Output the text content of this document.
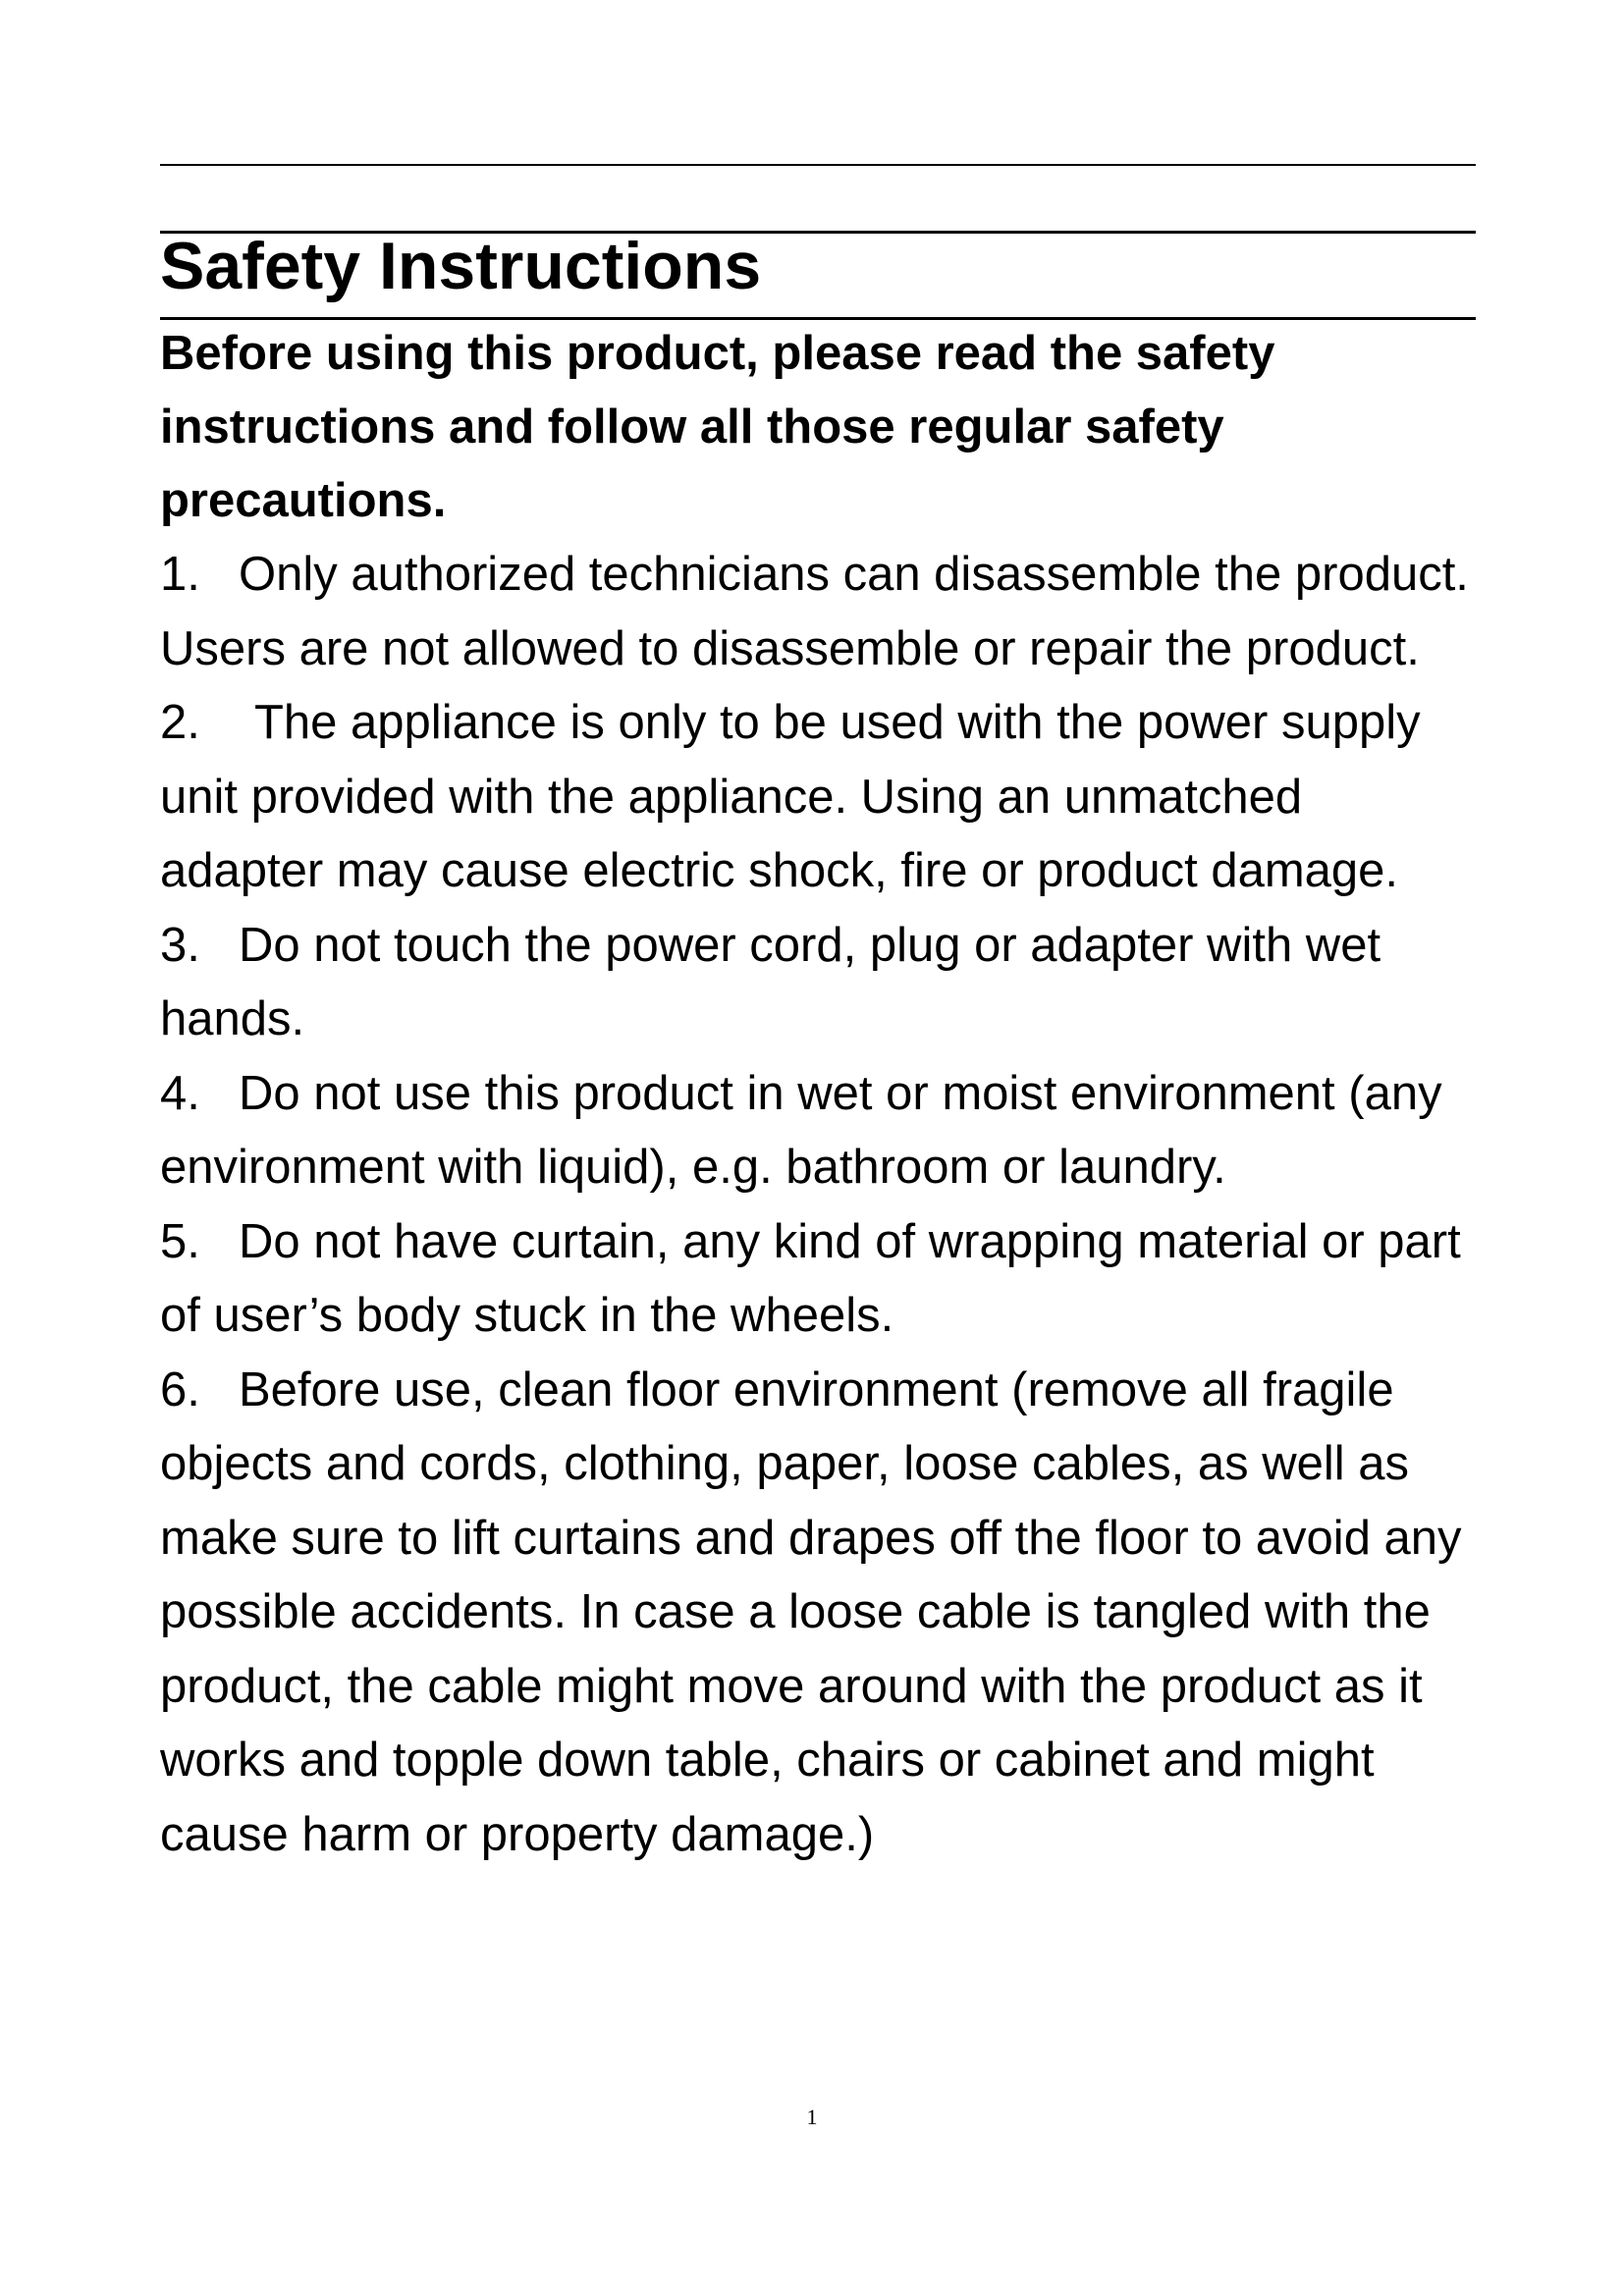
Safety Instructions

Before using this product, please read the safety instructions and follow all those regular safety precautions.

1. Only authorized technicians can disassemble the product. Users are not allowed to disassemble or repair the product.
2. The appliance is only to be used with the power supply unit provided with the appliance. Using an unmatched adapter may cause electric shock, fire or product damage.
3. Do not touch the power cord, plug or adapter with wet hands.
4. Do not use this product in wet or moist environment (any environment with liquid), e.g. bathroom or laundry.
5. Do not have curtain, any kind of wrapping material or part of user’s body stuck in the wheels.
6. Before use, clean floor environment (remove all fragile objects and cords, clothing, paper, loose cables, as well as make sure to lift curtains and drapes off the floor to avoid any possible accidents. In case a loose cable is tangled with the product, the cable might move around with the product as it works and topple down table, chairs or cabinet and might cause harm or property damage.)
1
